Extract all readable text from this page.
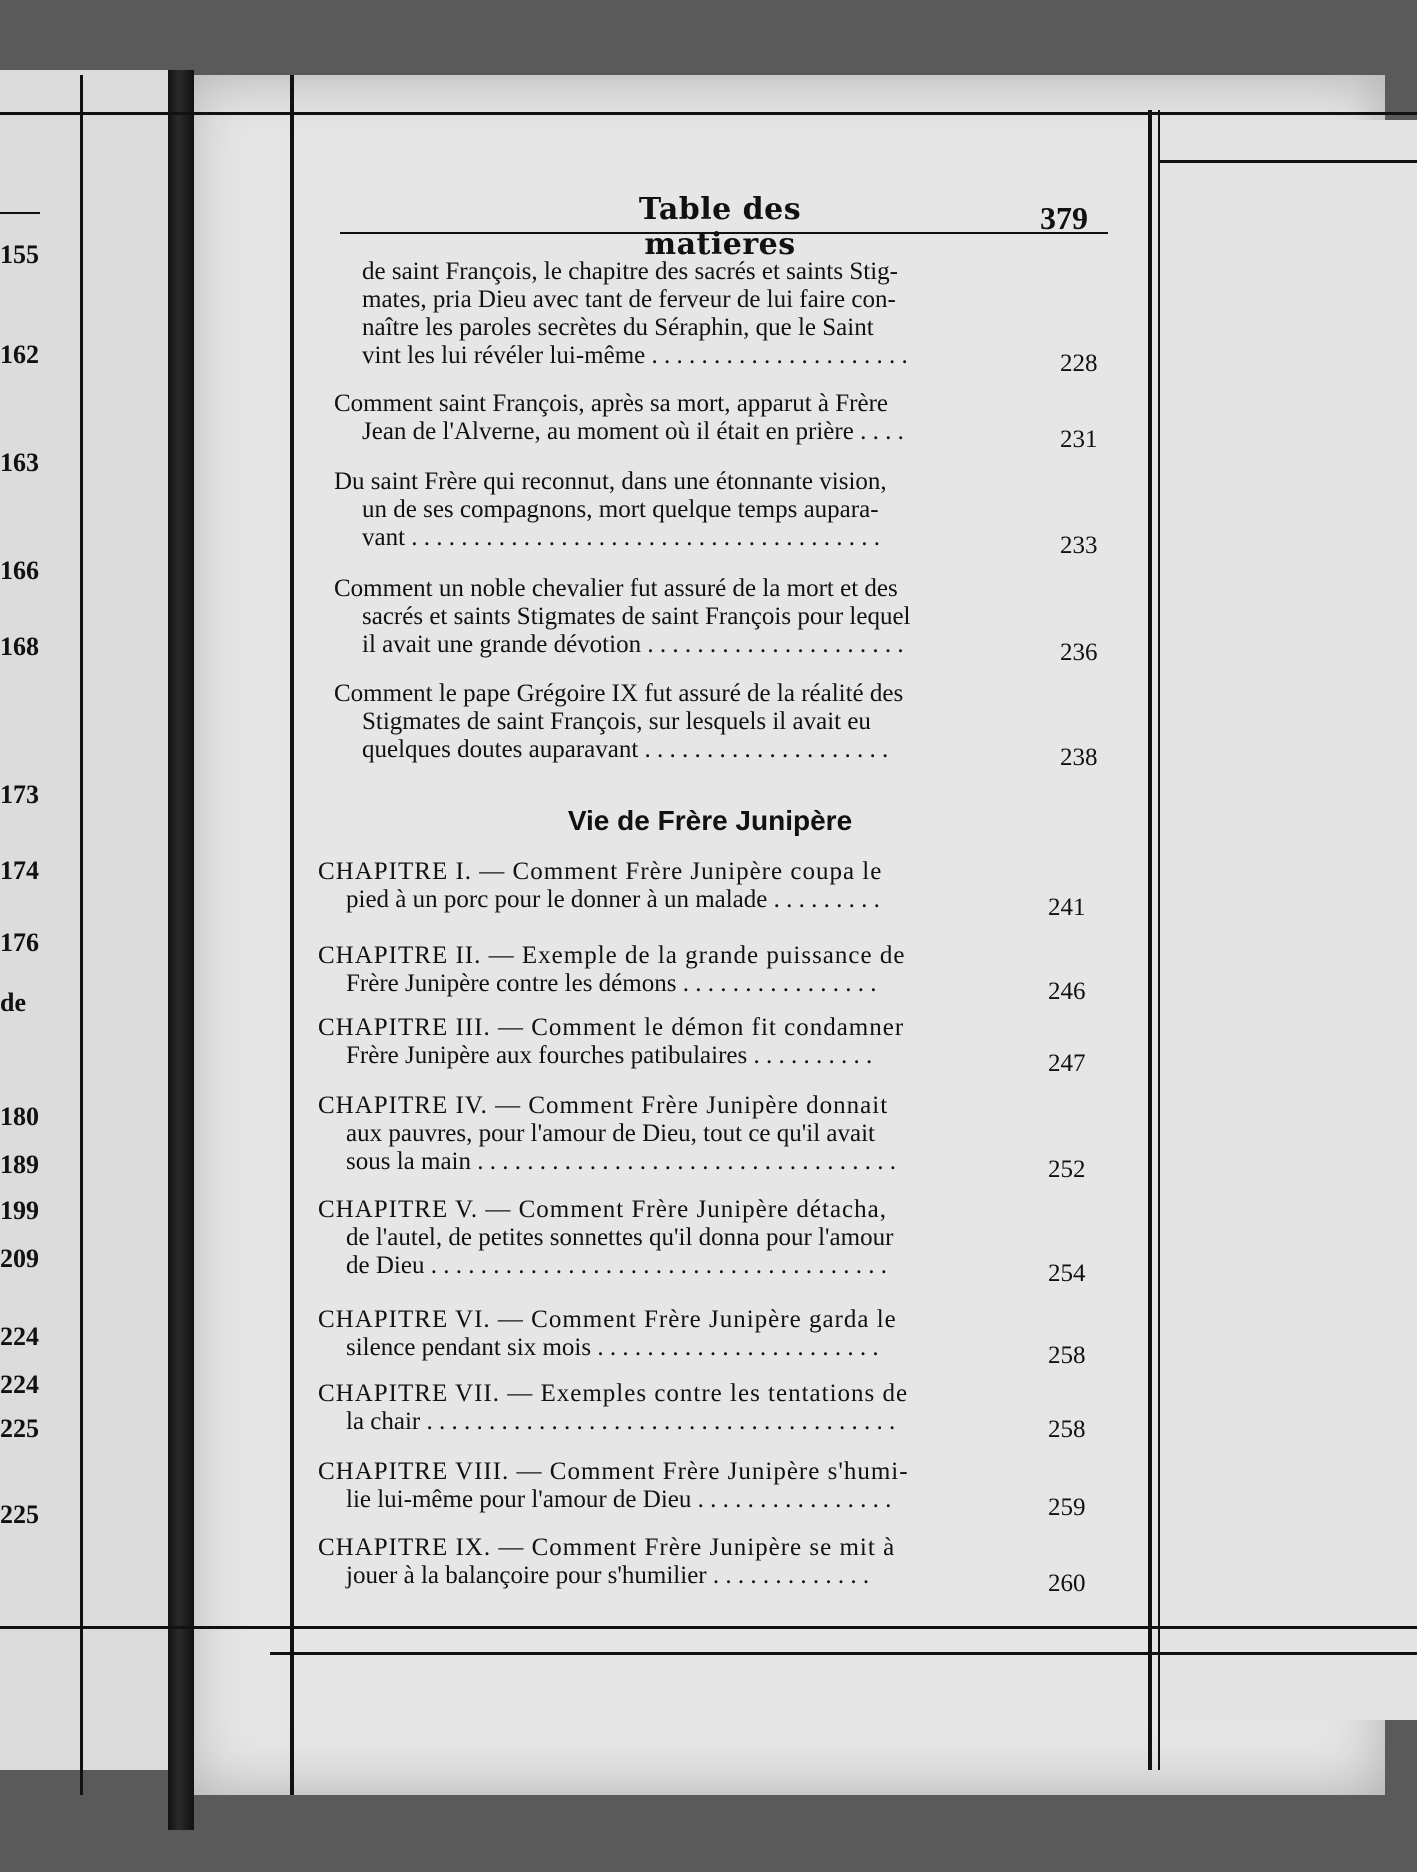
155
162
163
166
168
173
174
176
de
180
189
199
209
224
224
225
225
Table des matieres
379
de saint François, le chapitre des sacrés et saints Stig-
mates, pria Dieu avec tant de ferveur de lui faire con-
naître les paroles secrètes du Séraphin, que le Saint
vint les lui révéler lui-même . . . . . . . . . . . . . . . . . . . . .	228
Comment saint François, après sa mort, apparut à Frère
Jean de l'Alverne, au moment où il était en prière . . . .	231
Du saint Frère qui reconnut, dans une étonnante vision,
un de ses compagnons, mort quelque temps aupara-
vant . . . . . . . . . . . . . . . . . . . . . . . . . . . . . . . . . . . . . .	233
Comment un noble chevalier fut assuré de la mort et des
sacrés et saints Stigmates de saint François pour lequel
il avait une grande dévotion . . . . . . . . . . . . . . . . . . . . .	236
Comment le pape Grégoire IX fut assuré de la réalité des
Stigmates de saint François, sur lesquels il avait eu
quelques doutes auparavant . . . . . . . . . . . . . . . . . . . .	238
Vie de Frère Junipère
CHAPITRE I. — Comment Frère Junipère coupa le
pied à un porc pour le donner à un malade . . . . . . . . .	241
CHAPITRE II. — Exemple de la grande puissance de
Frère Junipère contre les démons . . . . . . . . . . . . . . . .	246
CHAPITRE III. — Comment le démon fit condamner
Frère Junipère aux fourches patibulaires . . . . . . . . . .	247
CHAPITRE IV. — Comment Frère Junipère donnait
aux pauvres, pour l'amour de Dieu, tout ce qu'il avait
sous la main . . . . . . . . . . . . . . . . . . . . . . . . . . . . . . . . . .	252
CHAPITRE V. — Comment Frère Junipère détacha,
de l'autel, de petites sonnettes qu'il donna pour l'amour
de Dieu . . . . . . . . . . . . . . . . . . . . . . . . . . . . . . . . . . . . .	254
CHAPITRE VI. — Comment Frère Junipère garda le
silence pendant six mois . . . . . . . . . . . . . . . . . . . . . . .	258
CHAPITRE VII. — Exemples contre les tentations de
la chair . . . . . . . . . . . . . . . . . . . . . . . . . . . . . . . . . . . . . .	258
CHAPITRE VIII. — Comment Frère Junipère s'humi-
lie lui-même pour l'amour de Dieu . . . . . . . . . . . . . . . .	259
CHAPITRE IX. — Comment Frère Junipère se mit à
jouer à la balançoire pour s'humilier . . . . . . . . . . . . .	260
